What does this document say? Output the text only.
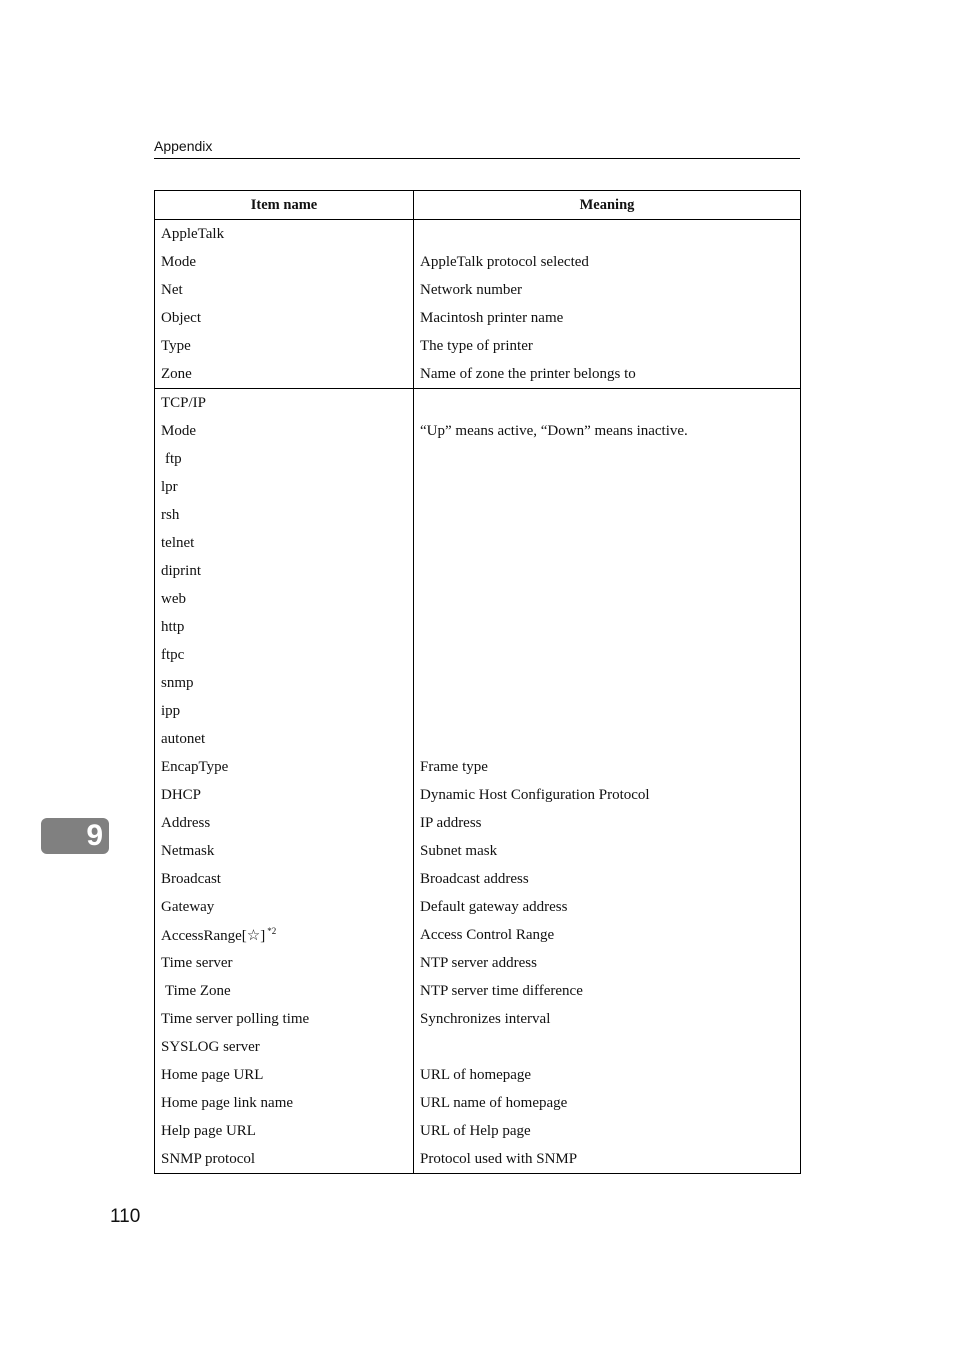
Appendix
Item name	Meaning
AppleTalk	
Mode	AppleTalk protocol selected
Net	Network number
Object	Macintosh printer name
Type	The type of printer
Zone	Name of zone the printer belongs to
TCP/IP	
Mode	“Up” means active, “Down” means inactive.
ftp	
lpr	
rsh	
telnet	
diprint	
web	
http	
ftpc	
snmp	
ipp	
autonet	
EncapType	Frame type
DHCP	Dynamic Host Configuration Protocol
Address	IP address
Netmask	Subnet mask
Broadcast	Broadcast address
Gateway	Default gateway address
AccessRange[☆] $^{*2}$	Access Control Range
Time server	NTP server address
Time Zone	NTP server time difference
Time server polling time	Synchronizes interval
SYSLOG server	
Home page URL	URL of homepage
Home page link name	URL name of homepage
Help page URL	URL of Help page
SNMP protocol	Protocol used with SNMP
9
110
